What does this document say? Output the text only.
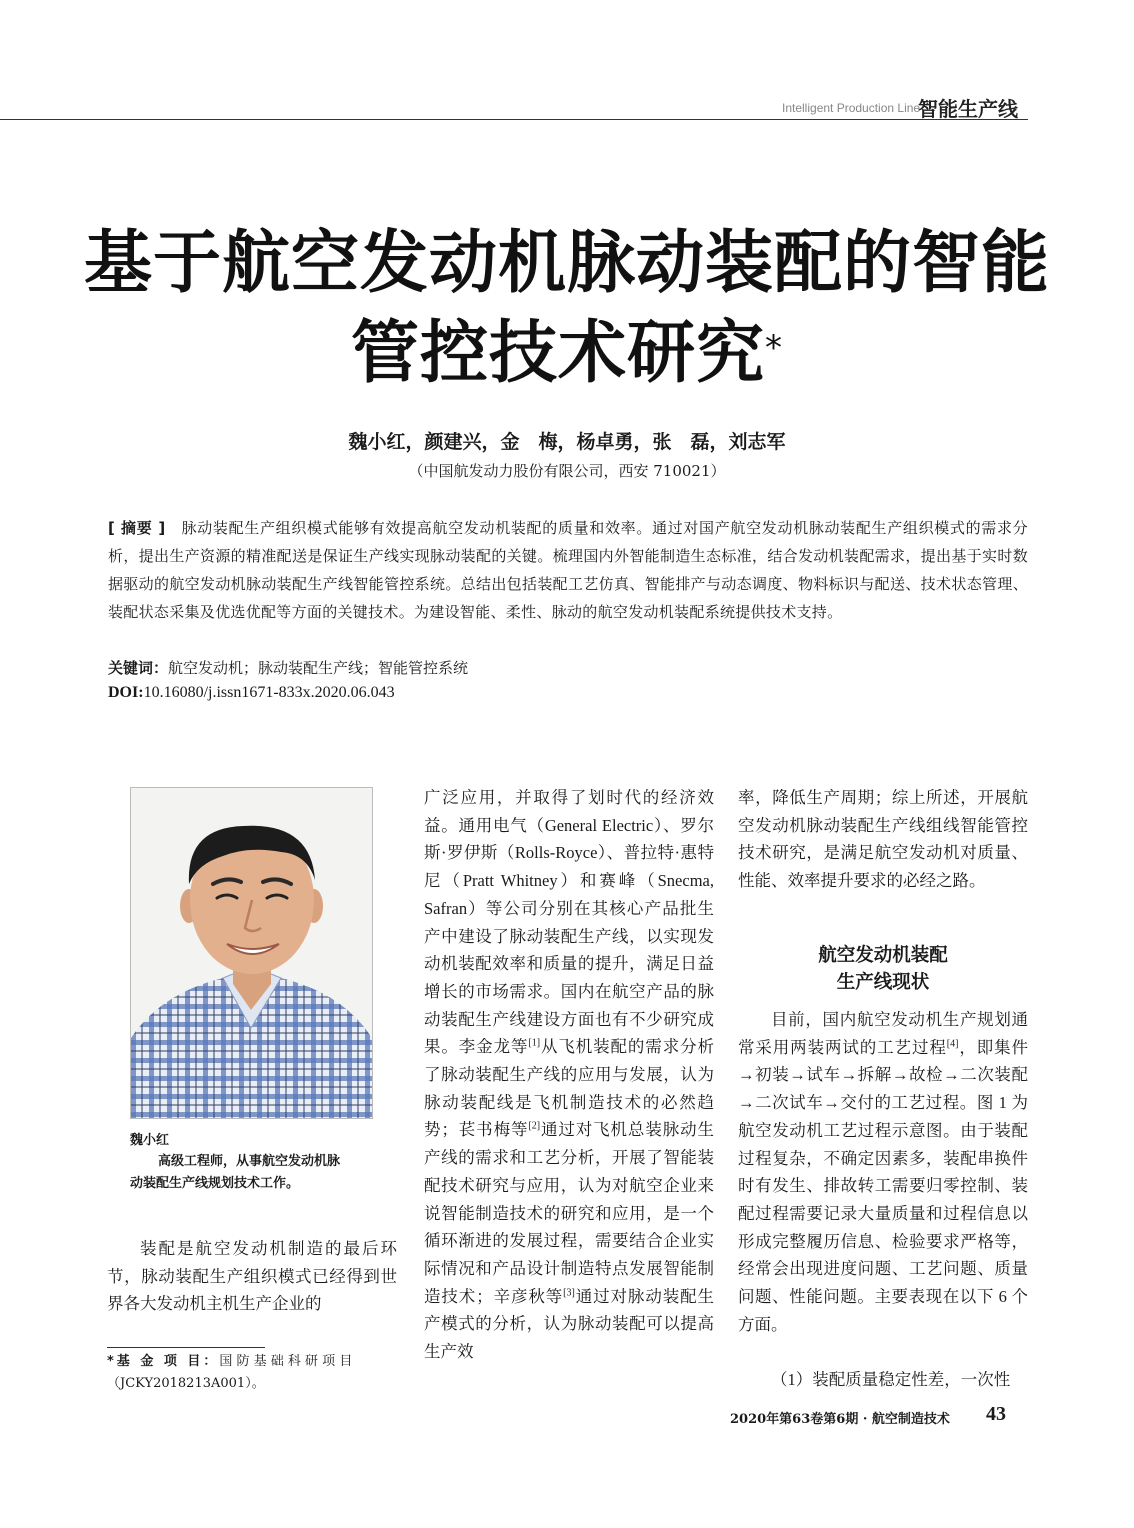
Intelligent Production Line
智能生产线
基于航空发动机脉动装配的智能
管控技术研究*
魏小红，颜建兴，金　梅，杨卓勇，张　磊，刘志军
（中国航发动力股份有限公司，西安 710021）
[ 摘要 ]　 脉动装配生产组织模式能够有效提高航空发动机装配的质量和效率。通过对国产航空发动机脉动装配生产组织模式的需求分析，提出生产资源的精准配送是保证生产线实现脉动装配的关键。梳理国内外智能制造生态标准，结合发动机装配需求，提出基于实时数据驱动的航空发动机脉动装配生产线智能管控系统。总结出包括装配工艺仿真、智能排产与动态调度、物料标识与配送、技术状态管理、装配状态采集及优选优配等方面的关键技术。为建设智能、柔性、脉动的航空发动机装配系统提供技术支持。
关键词：航空发动机；脉动装配生产线；智能管控系统
DOI:10.16080/j.issn1671-833x.2020.06.043
魏小红
高级工程师，从事航空发动机脉
动装配生产线规划技术工作。
装配是航空发动机制造的最后环节，脉动装配生产组织模式已经得到世界各大发动机主机生产企业的
*基 金 项 目：国 防 基 础 科 研 项 目（JCKY2018213A001）。
广泛应用，并取得了划时代的经济效益。通用电气（General Electric）、罗尔斯·罗伊斯（Rolls-Royce）、普拉特·惠特尼（Pratt Whitney）和赛峰（Snecma, Safran）等公司分别在其核心产品批生产中建设了脉动装配生产线，以实现发动机装配效率和质量的提升，满足日益增长的市场需求。国内在航空产品的脉动装配生产线建设方面也有不少研究成果。李金龙等[1]从飞机装配的需求分析了脉动装配生产线的应用与发展，认为脉动装配线是飞机制造技术的必然趋势；苌书梅等[2]通过对飞机总装脉动生产线的需求和工艺分析，开展了智能装配技术研究与应用，认为对航空企业来说智能制造技术的研究和应用，是一个循环渐进的发展过程，需要结合企业实际情况和产品设计制造特点发展智能制造技术；辛彦秋等[3]通过对脉动装配生产模式的分析，认为脉动装配可以提高生产效
率，降低生产周期；综上所述，开展航空发动机脉动装配生产线组线智能管控技术研究，是满足航空发动机对质量、性能、效率提升要求的必经之路。
航空发动机装配
生产线现状
目前，国内航空发动机生产规划通常采用两装两试的工艺过程[4]，即集件→初装→试车→拆解→故检→二次装配→二次试车→交付的工艺过程。图 1 为航空发动机工艺过程示意图。由于装配过程复杂，不确定因素多，装配串换件时有发生、排故转工需要归零控制、装配过程需要记录大量质量和过程信息以形成完整履历信息、检验要求严格等，经常会出现进度问题、工艺问题、质量问题、性能问题。主要表现在以下 6 个方面。
（1）装配质量稳定性差，一次性
2020年第63卷第6期 · 航空制造技术 43
